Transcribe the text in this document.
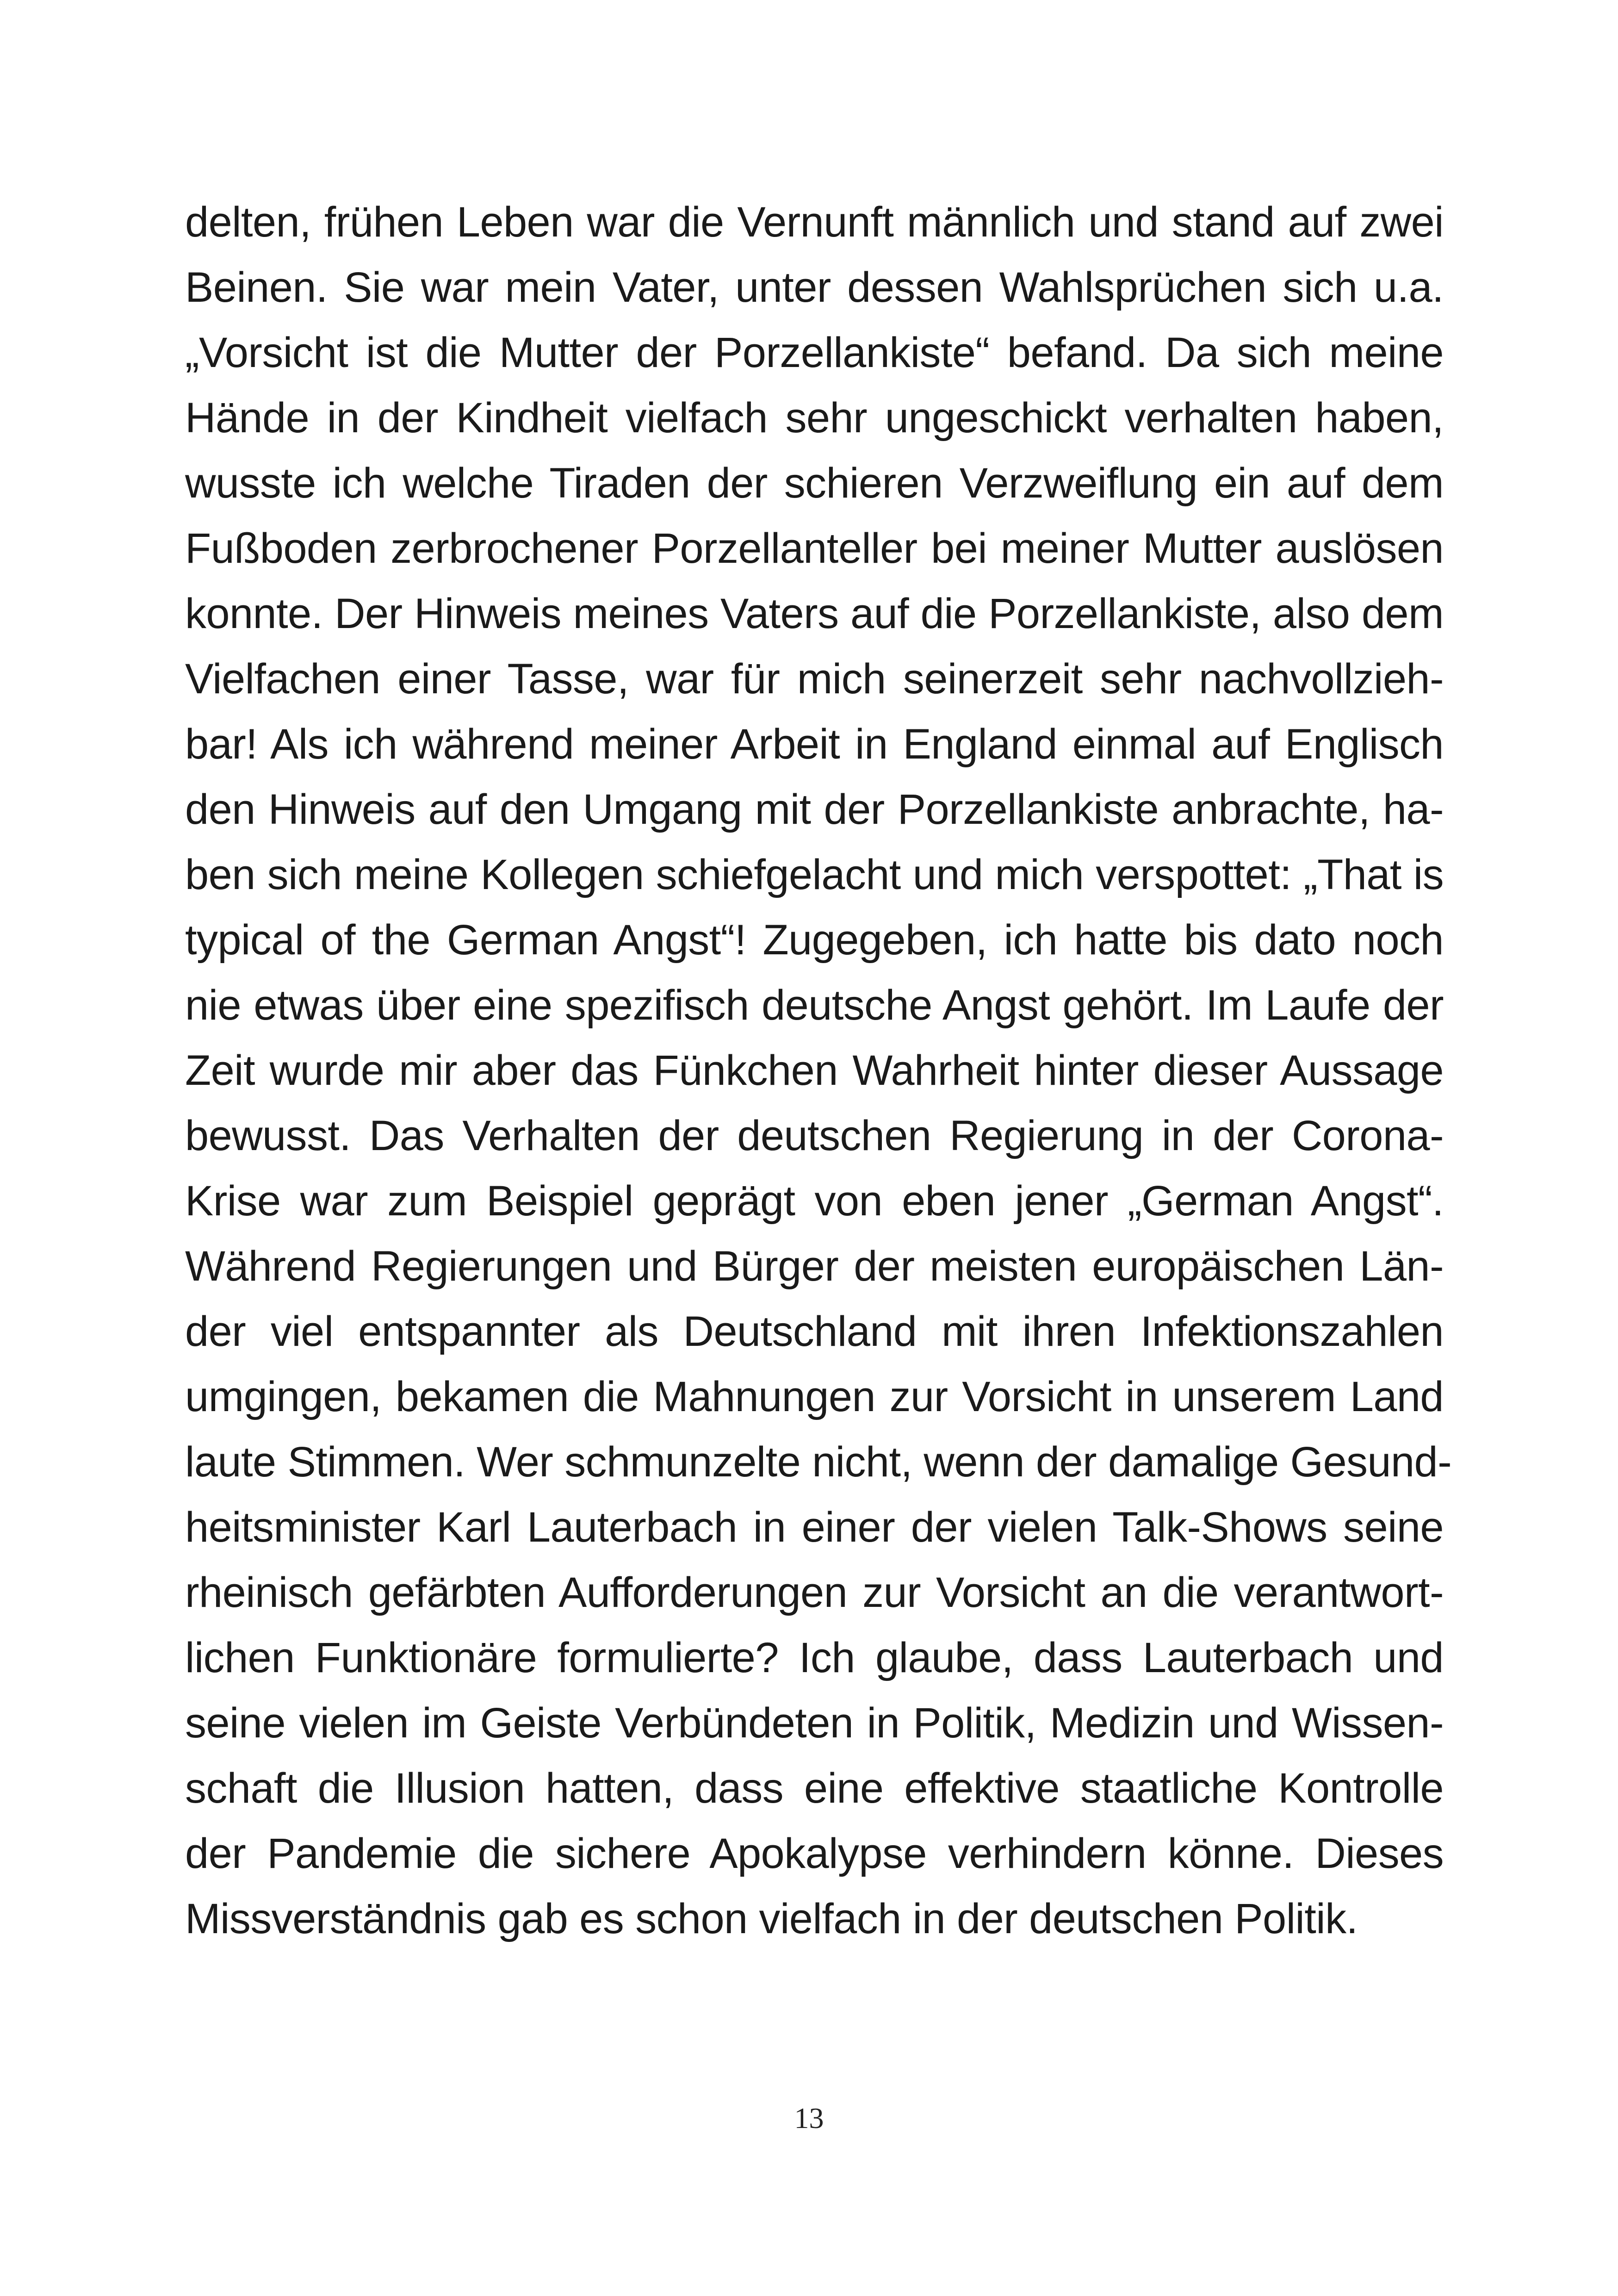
delten, frühen Leben war die Vernunft männlich und stand auf zwei
Beinen. Sie war mein Vater, unter dessen Wahlsprüchen sich u.a.
„Vorsicht ist die Mutter der Porzellankiste“ befand. Da sich meine
Hände in der Kindheit vielfach sehr ungeschickt verhalten haben,
wusste ich welche Tiraden der schieren Verzweiflung ein auf dem
Fußboden zerbrochener Porzellanteller bei meiner Mutter auslösen
konnte. Der Hinweis meines Vaters auf die Porzellankiste, also dem
Vielfachen einer Tasse, war für mich seinerzeit sehr nachvollzieh-
bar! Als ich während meiner Arbeit in England einmal auf Englisch
den Hinweis auf den Umgang mit der Porzellankiste anbrachte, ha-
ben sich meine Kollegen schiefgelacht und mich verspottet: „That is
typical of the German Angst“! Zugegeben, ich hatte bis dato noch
nie etwas über eine spezifisch deutsche Angst gehört. Im Laufe der
Zeit wurde mir aber das Fünkchen Wahrheit hinter dieser Aussage
bewusst. Das Verhalten der deutschen Regierung in der Corona-
Krise war zum Beispiel geprägt von eben jener „German Angst“.
Während Regierungen und Bürger der meisten europäischen Län-
der viel entspannter als Deutschland mit ihren Infektionszahlen
umgingen, bekamen die Mahnungen zur Vorsicht in unserem Land
laute Stimmen. Wer schmunzelte nicht, wenn der damalige Gesund-
heitsminister Karl Lauterbach in einer der vielen Talk-Shows seine
rheinisch gefärbten Aufforderungen zur Vorsicht an die verantwort-
lichen Funktionäre formulierte? Ich glaube, dass Lauterbach und
seine vielen im Geiste Verbündeten in Politik, Medizin und Wissen-
schaft die Illusion hatten, dass eine effektive staatliche Kontrolle
der Pandemie die sichere Apokalypse verhindern könne. Dieses
Missverständnis gab es schon vielfach in der deutschen Politik.
13
